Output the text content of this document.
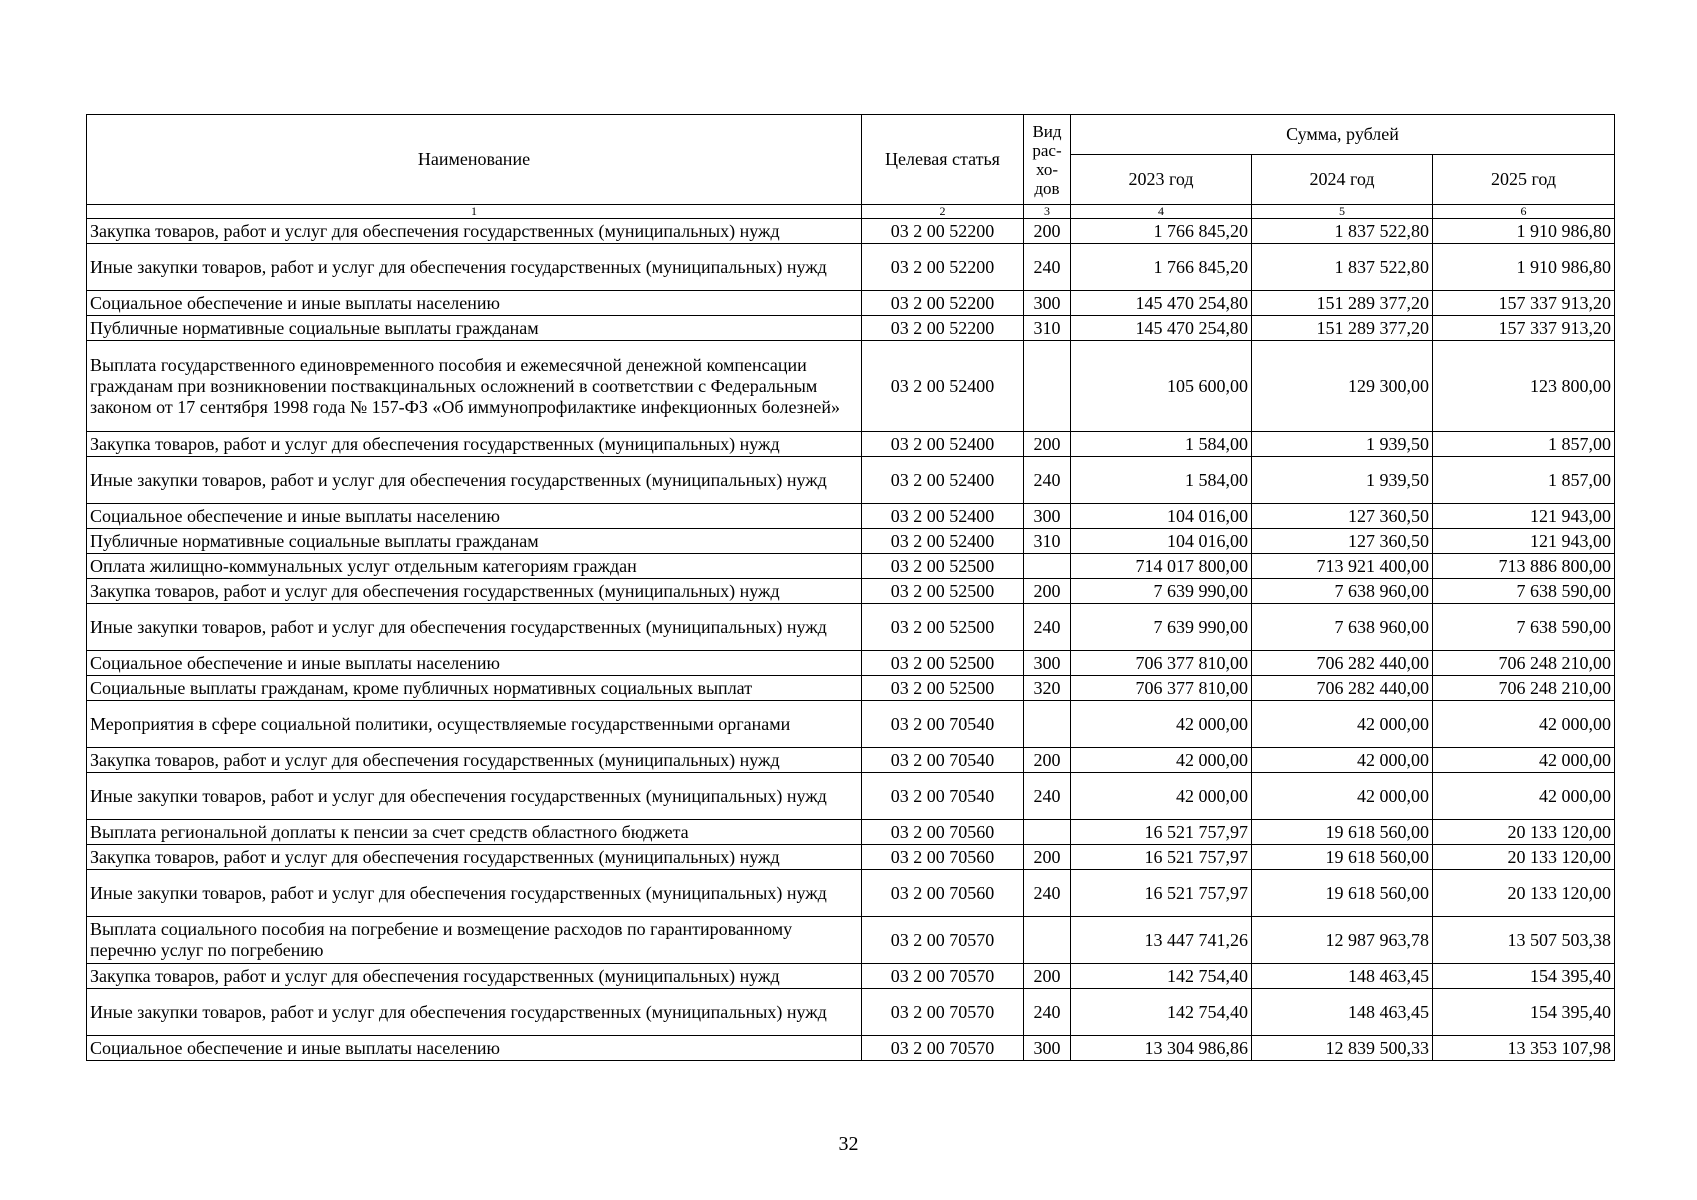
Наименование	Целевая статья	Вид рас-хо-дов	Сумма, рублей		
			2023 год	2024 год	2025 год
1	2	3	4	5	6
Закупка товаров, работ и услуг для обеспечения государственных (муниципальных) нужд	03 2 00 52200	200	1 766 845,20	1 837 522,80	1 910 986,80
Иные закупки товаров, работ и услуг для обеспечения государственных (муниципальных) нужд	03 2 00 52200	240	1 766 845,20	1 837 522,80	1 910 986,80
Социальное обеспечение и иные выплаты населению	03 2 00 52200	300	145 470 254,80	151 289 377,20	157 337 913,20
Публичные нормативные социальные выплаты гражданам	03 2 00 52200	310	145 470 254,80	151 289 377,20	157 337 913,20
Выплата государственного единовременного пособия и ежемесячной денежной компенсации гражданам при возникновении поствакцинальных осложнений в соответствии с Федеральным законом от 17 сентября 1998 года № 157-ФЗ «Об иммунопрофилактике инфекционных болезней»	03 2 00 52400		105 600,00	129 300,00	123 800,00
Закупка товаров, работ и услуг для обеспечения государственных (муниципальных) нужд	03 2 00 52400	200	1 584,00	1 939,50	1 857,00
Иные закупки товаров, работ и услуг для обеспечения государственных (муниципальных) нужд	03 2 00 52400	240	1 584,00	1 939,50	1 857,00
Социальное обеспечение и иные выплаты населению	03 2 00 52400	300	104 016,00	127 360,50	121 943,00
Публичные нормативные социальные выплаты гражданам	03 2 00 52400	310	104 016,00	127 360,50	121 943,00
Оплата жилищно-коммунальных услуг отдельным категориям граждан	03 2 00 52500		714 017 800,00	713 921 400,00	713 886 800,00
Закупка товаров, работ и услуг для обеспечения государственных (муниципальных) нужд	03 2 00 52500	200	7 639 990,00	7 638 960,00	7 638 590,00
Иные закупки товаров, работ и услуг для обеспечения государственных (муниципальных) нужд	03 2 00 52500	240	7 639 990,00	7 638 960,00	7 638 590,00
Социальное обеспечение и иные выплаты населению	03 2 00 52500	300	706 377 810,00	706 282 440,00	706 248 210,00
Социальные выплаты гражданам, кроме публичных нормативных социальных выплат	03 2 00 52500	320	706 377 810,00	706 282 440,00	706 248 210,00
Мероприятия в сфере социальной политики, осуществляемые государственными органами	03 2 00 70540		42 000,00	42 000,00	42 000,00
Закупка товаров, работ и услуг для обеспечения государственных (муниципальных) нужд	03 2 00 70540	200	42 000,00	42 000,00	42 000,00
Иные закупки товаров, работ и услуг для обеспечения государственных (муниципальных) нужд	03 2 00 70540	240	42 000,00	42 000,00	42 000,00
Выплата региональной доплаты к пенсии за счет средств областного бюджета	03 2 00 70560		16 521 757,97	19 618 560,00	20 133 120,00
Закупка товаров, работ и услуг для обеспечения государственных (муниципальных) нужд	03 2 00 70560	200	16 521 757,97	19 618 560,00	20 133 120,00
Иные закупки товаров, работ и услуг для обеспечения государственных (муниципальных) нужд	03 2 00 70560	240	16 521 757,97	19 618 560,00	20 133 120,00
Выплата социального пособия на погребение и возмещение расходов по гарантированному перечню услуг по погребению	03 2 00 70570		13 447 741,26	12 987 963,78	13 507 503,38
Закупка товаров, работ и услуг для обеспечения государственных (муниципальных) нужд	03 2 00 70570	200	142 754,40	148 463,45	154 395,40
Иные закупки товаров, работ и услуг для обеспечения государственных (муниципальных) нужд	03 2 00 70570	240	142 754,40	148 463,45	154 395,40
Социальное обеспечение и иные выплаты населению	03 2 00 70570	300	13 304 986,86	12 839 500,33	13 353 107,98
32
